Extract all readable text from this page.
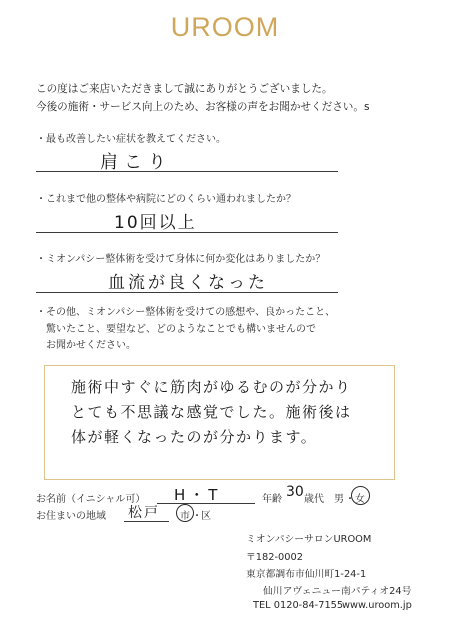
UROOM
この度はご来店いただきまして誠にありがとうございました。
今後の施術・サービス向上のため、お客様の声をお聞かせください。s
・最も改善したい症状を教えてください。
肩こり
・これまで他の整体や病院にどのくらい通われましたか？
10回以上
・ミオンパシー整体術を受けて身体に何か変化はありましたか？
血流が良くなった
・その他、ミオンパシー整体術を受けての感想や、良かったこと、
　驚いたこと、要望など、どのようなことでも構いませんので
　お聞かせください。
施術中すぐに筋肉がゆるむのが分かり
とても不思議な感覚でした。施術後は
体が軽くなったのが分かります。
お名前（イニシャル可） H・T	年齢 30 歳代 男 ・ 女
お住まいの地域 松戸 市 ・ 区
ミオンパシーサロンUROOM
〒182-0002
東京都調布市仙川町1-24-1
仙川アヴェニュー南パティオ24号
TEL 0120-84-7155
www.uroom.jp
